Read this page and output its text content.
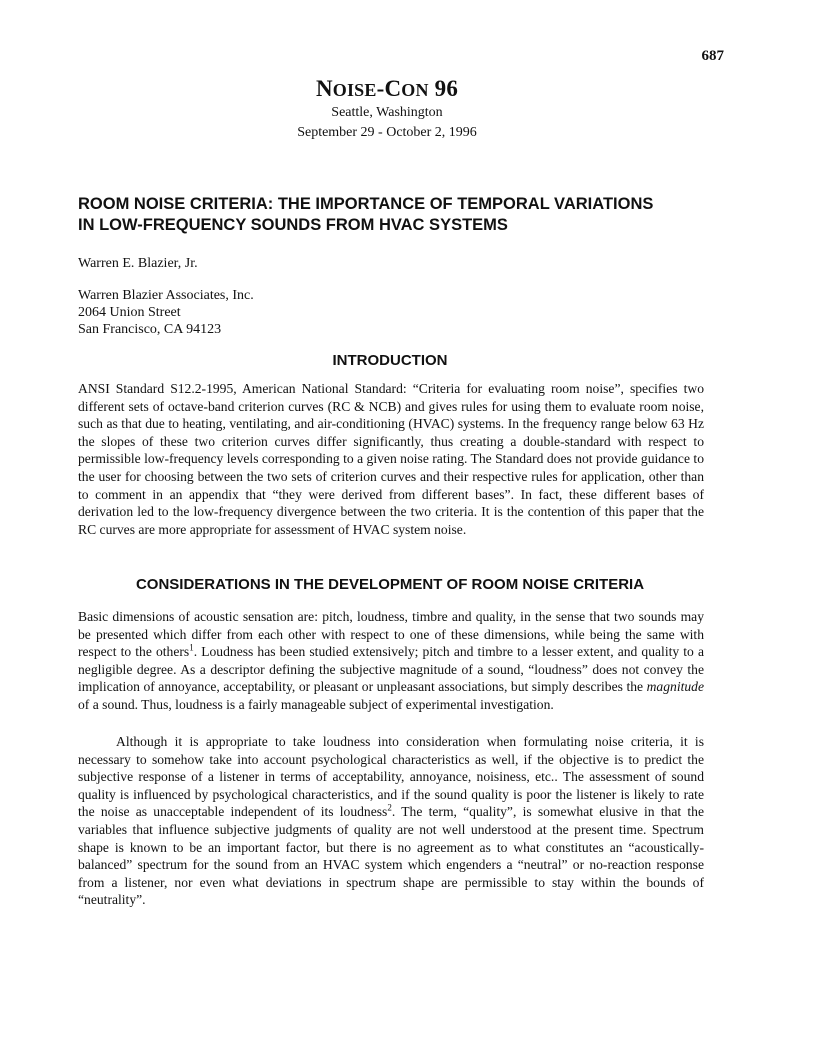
687
NOISE-CON 96
Seattle, Washington
September 29 - October 2, 1996
ROOM NOISE CRITERIA: THE IMPORTANCE OF TEMPORAL VARIATIONS
IN LOW-FREQUENCY SOUNDS FROM HVAC SYSTEMS
Warren E. Blazier, Jr.
Warren Blazier Associates, Inc.
2064 Union Street
San Francisco, CA 94123
INTRODUCTION

ANSI Standard S12.2-1995, American National Standard: “Criteria for evaluating room noise”, specifies two different sets of octave-band criterion curves (RC & NCB) and gives rules for using them to evaluate room noise, such as that due to heating, ventilating, and air-conditioning (HVAC) systems. In the frequency range below 63 Hz the slopes of these two criterion curves differ significantly, thus creating a double-standard with respect to permissible low-frequency levels corresponding to a given noise rating. The Standard does not provide guidance to the user for choosing between the two sets of criterion curves and their respective rules for application, other than to comment in an appendix that “they were derived from different bases”. In fact, these different bases of derivation led to the low-frequency divergence between the two criteria. It is the contention of this paper that the RC curves are more appropriate for assessment of HVAC system noise.

CONSIDERATIONS IN THE DEVELOPMENT OF ROOM NOISE CRITERIA

Basic dimensions of acoustic sensation are: pitch, loudness, timbre and quality, in the sense that two sounds may be presented which differ from each other with respect to one of these dimensions, while being the same with respect to the others$^1$. Loudness has been studied extensively; pitch and timbre to a lesser extent, and quality to a negligible degree. As a descriptor defining the subjective magnitude of a sound, “loudness” does not convey the implication of annoyance, acceptability, or pleasant or unpleasant associations, but simply describes the magnitude of a sound. Thus, loudness is a fairly manageable subject of experimental investigation.

Although it is appropriate to take loudness into consideration when formulating noise criteria, it is necessary to somehow take into account psychological characteristics as well, if the objective is to predict the subjective response of a listener in terms of acceptability, annoyance, noisiness, etc.. The assessment of sound quality is influenced by psychological characteristics, and if the sound quality is poor the listener is likely to rate the noise as unacceptable independent of its loudness$^2$. The term, “quality”, is somewhat elusive in that the variables that influence subjective judgments of quality are not well understood at the present time. Spectrum shape is known to be an important factor, but there is no agreement as to what constitutes an “acoustically-balanced” spectrum for the sound from an HVAC system which engenders a “neutral” or no-reaction response from a listener, nor even what deviations in spectrum shape are permissible to stay within the bounds of “neutrality”.
